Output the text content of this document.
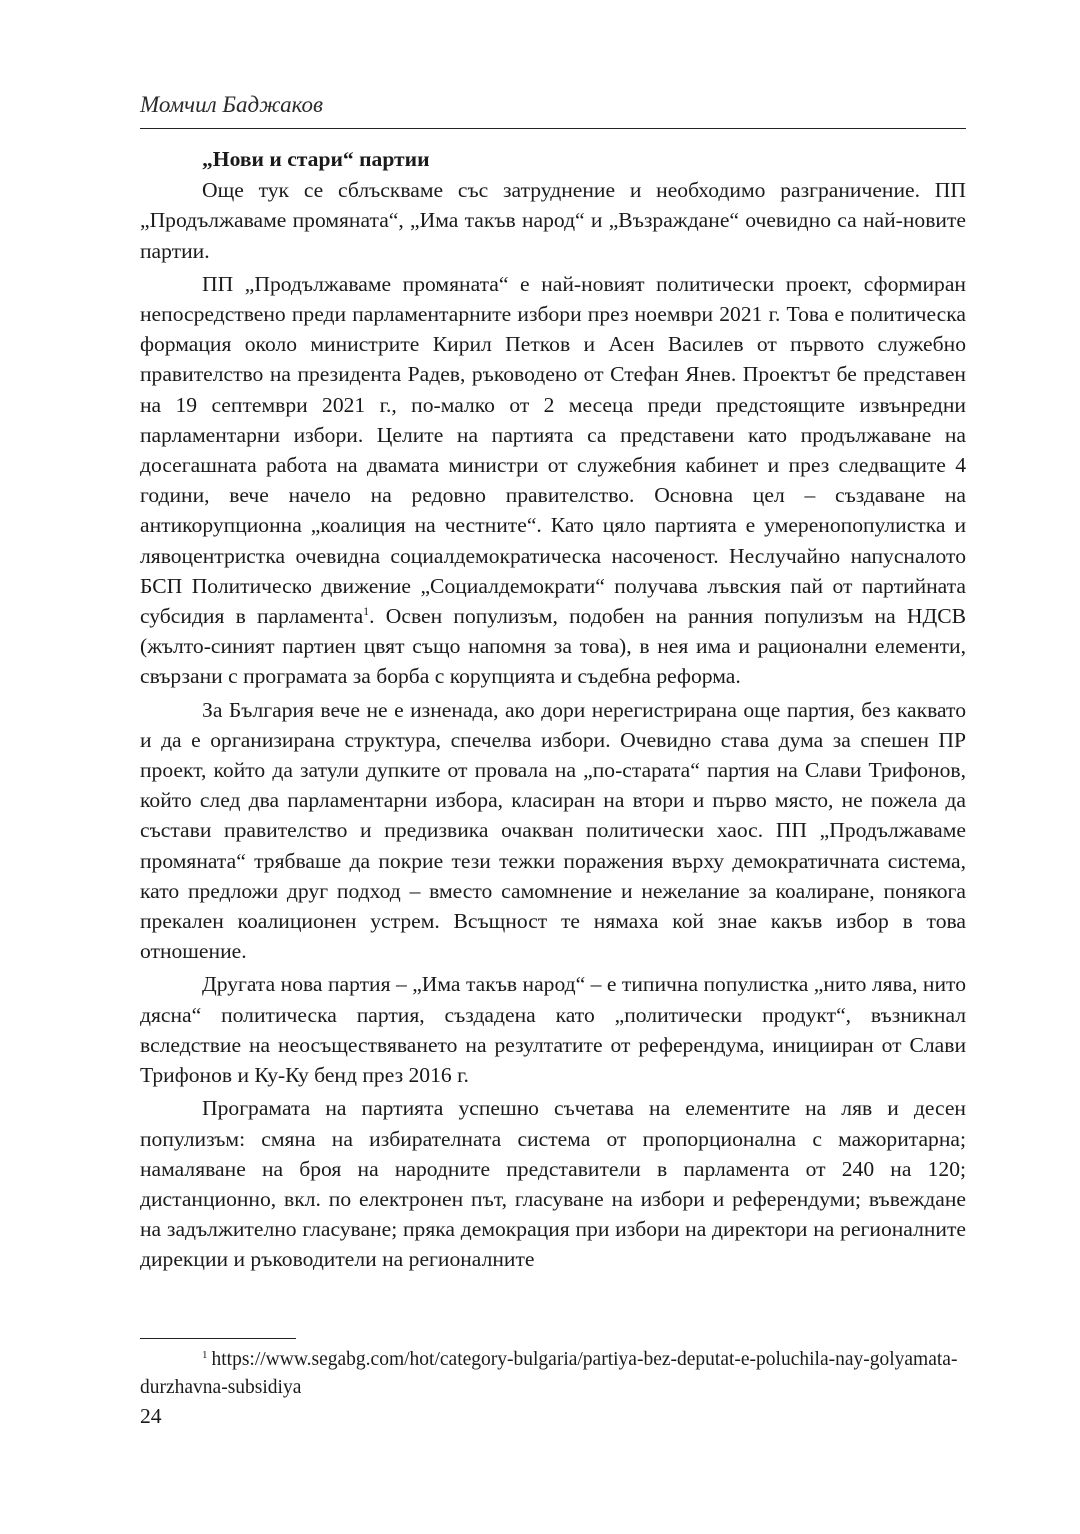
Момчил Баджаков
„Нови и стари“ партии

Още тук се сблъскваме със затруднение и необходимо разграничение. ПП „Продължаваме промяната“, „Има такъв народ“ и „Възраждане“ очевидно са най-новите партии.

ПП „Продължаваме промяната“ е най-новият политически проект, сформиран непосредствено преди парламентарните избори през ноември 2021 г. Това е политическа формация около министрите Кирил Петков и Асен Василев от първото служебно правителство на президента Радев, ръководено от Стефан Янев. Проектът бе представен на 19 септември 2021 г., по-малко от 2 месеца преди предстоящите извънредни парламентарни избори. Целите на партията са представени като продължаване на досегашната работа на двамата министри от служебния кабинет и през следващите 4 години, вече начело на редовно правителство. Основна цел – създаване на антикорупционна „коалиция на честните“. Като цяло партията е умеренопопулистка и лявоцентристка очевидна социалдемократическа насоченост. Неслучайно напусналото БСП Политическо движение „Социалдемократи“ получава лъвския пай от партийната субсидия в парламента$^1$. Освен популизъм, подобен на ранния популизъм на НДСВ (жълто-синият партиен цвят също напомня за това), в нея има и рационални елементи, свързани с програмата за борба с корупцията и съдебна реформа.

За България вече не е изненада, ако дори нерегистрирана още партия, без каквато и да е организирана структура, спечелва избори. Очевидно става дума за спешен ПР проект, който да затули дупките от провала на „по-старата“ партия на Слави Трифонов, който след два парламентарни избора, класиран на втори и първо място, не пожела да състави правителство и предизвика очакван политически хаос. ПП „Продължаваме промяната“ трябваше да покрие тези тежки поражения върху демократичната система, като предложи друг подход – вместо самомнение и нежелание за коалиране, понякога прекален коалиционен устрем. Всъщност те нямаха кой знае какъв избор в това отношение.

Другата нова партия – „Има такъв народ“ – е типична популистка „нито лява, нито дясна“ политическа партия, създадена като „политически продукт“, възникнал вследствие на неосъществяването на резултатите от референдума, инициирaн от Слави Трифонов и Ку-Ку бенд през 2016 г.

Програмата на партията успешно съчетава на елементите на ляв и десен популизъм: смяна на избирателната система от пропорционална с мажоритарна; намаляване на броя на народните представители в парламента от 240 на 120; дистанционно, вкл. по електронен път, гласуване на избори и референдуми; въвеждане на задължително гласуване; пряка демокрация при избори на директори на регионалните дирекции и ръководители на регионалните

$^1$ https://www.segabg.com/hot/category-bulgaria/partiya-bez-deputat-e-poluchila-nay-golyamata-durzhavna-subsidiya
24
